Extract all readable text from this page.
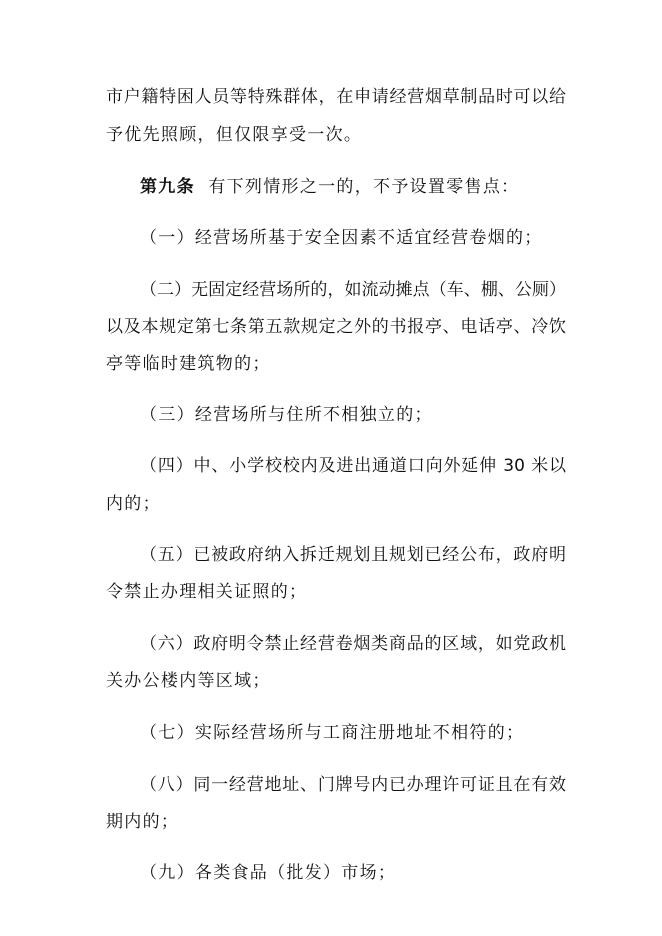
市户籍特困人员等特殊群体，在申请经营烟草制品时可以给

予优先照顾，但仅限享受一次。

第九条 有下列情形之一的，不予设置零售点：

（一）经营场所基于安全因素不适宜经营卷烟的；

（二）无固定经营场所的，如流动摊点（车、棚、公厕）

以及本规定第七条第五款规定之外的书报亭、电话亭、冷饮

亭等临时建筑物的；

（三）经营场所与住所不相独立的；

（四）中、小学校校内及进出通道口向外延伸 30 米以

内的；

（五）已被政府纳入拆迁规划且规划已经公布，政府明

令禁止办理相关证照的；

（六）政府明令禁止经营卷烟类商品的区域，如党政机

关办公楼内等区域；

（七）实际经营场所与工商注册地址不相符的；

（八）同一经营地址、门牌号内已办理许可证且在有效

期内的；

（九）各类食品（批发）市场；
